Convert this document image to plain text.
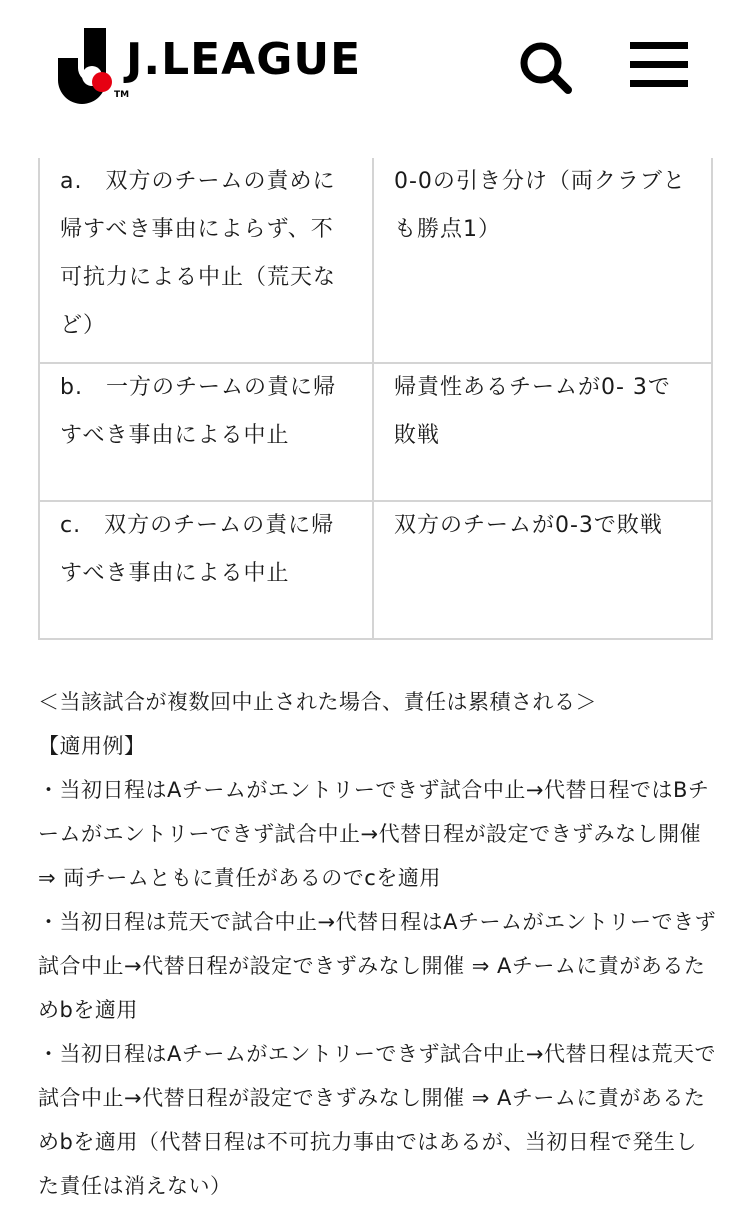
TM
J.LEAGUE
a.　双方のチームの責めに帰すべき事由によらず、不可抗力による中止（荒天など）	0-0の引き分け（両クラブとも勝点1）
b.　一方のチームの責に帰すべき事由による中止	帰責性あるチームが0- 3で敗戦
c.　双方のチームの責に帰すべき事由による中止	双方のチームが0-3で敗戦

＜当該試合が複数回中止された場合、責任は累積される＞

【適用例】

・当初日程はAチームがエントリーできず試合中止→代替日程ではBチームがエントリーできず試合中止→代替日程が設定できずみなし開催 ⇒ 両チームともに責任があるのでcを適用

・当初日程は荒天で試合中止→代替日程はAチームがエントリーできず試合中止→代替日程が設定できずみなし開催 ⇒ Aチームに責があるためbを適用

・当初日程はAチームがエントリーできず試合中止→代替日程は荒天で試合中止→代替日程が設定できずみなし開催 ⇒ Aチームに責があるためbを適用（代替日程は不可抗力事由ではあるが、当初日程で発生した責任は消えない）
